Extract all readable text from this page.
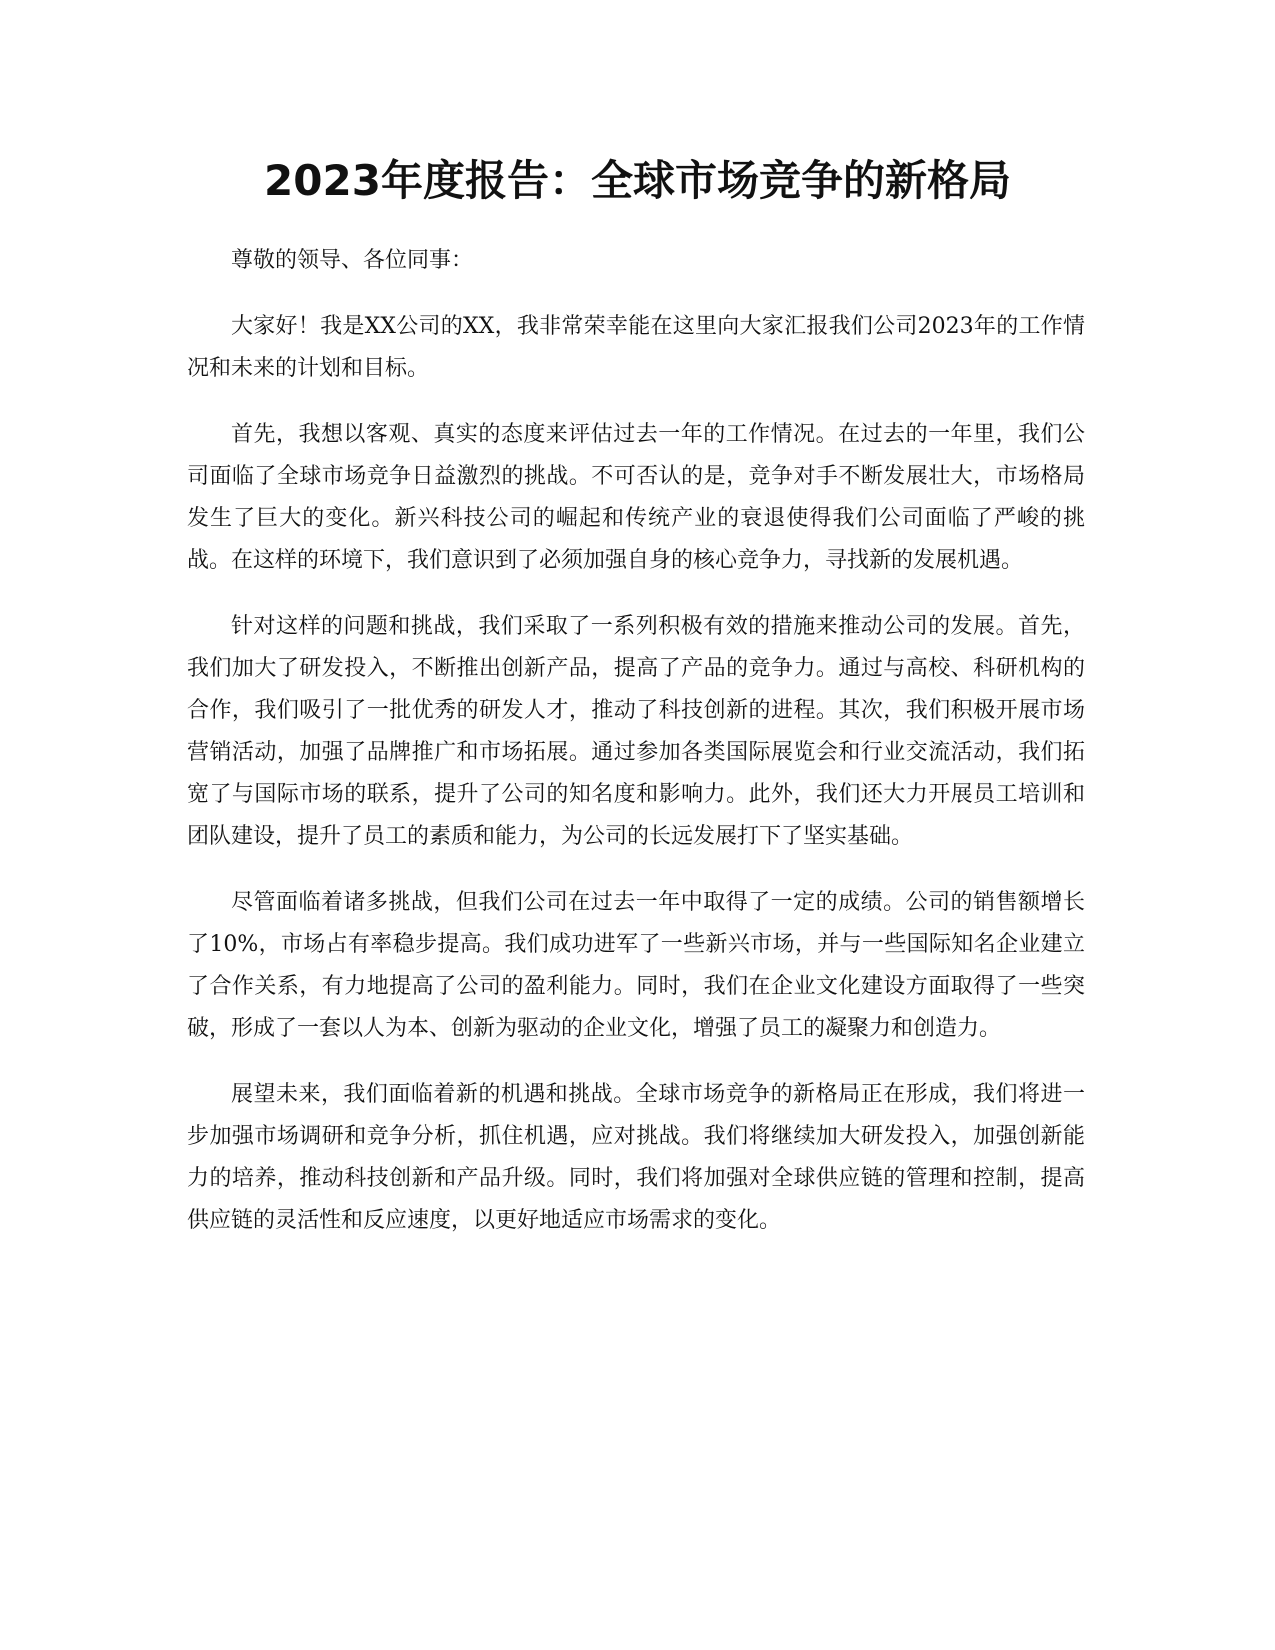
2023年度报告：全球市场竞争的新格局

尊敬的领导、各位同事：

大家好！我是XX公司的XX，我非常荣幸能在这里向大家汇报我们公司2023年的工作情况和未来的计划和目标。

首先，我想以客观、真实的态度来评估过去一年的工作情况。在过去的一年里，我们公司面临了全球市场竞争日益激烈的挑战。不可否认的是，竞争对手不断发展壮大，市场格局发生了巨大的变化。新兴科技公司的崛起和传统产业的衰退使得我们公司面临了严峻的挑战。在这样的环境下，我们意识到了必须加强自身的核心竞争力，寻找新的发展机遇。

针对这样的问题和挑战，我们采取了一系列积极有效的措施来推动公司的发展。首先，我们加大了研发投入，不断推出创新产品，提高了产品的竞争力。通过与高校、科研机构的合作，我们吸引了一批优秀的研发人才，推动了科技创新的进程。其次，我们积极开展市场营销活动，加强了品牌推广和市场拓展。通过参加各类国际展览会和行业交流活动，我们拓宽了与国际市场的联系，提升了公司的知名度和影响力。此外，我们还大力开展员工培训和团队建设，提升了员工的素质和能力，为公司的长远发展打下了坚实基础。

尽管面临着诸多挑战，但我们公司在过去一年中取得了一定的成绩。公司的销售额增长了10%，市场占有率稳步提高。我们成功进军了一些新兴市场，并与一些国际知名企业建立了合作关系，有力地提高了公司的盈利能力。同时，我们在企业文化建设方面取得了一些突破，形成了一套以人为本、创新为驱动的企业文化，增强了员工的凝聚力和创造力。

展望未来，我们面临着新的机遇和挑战。全球市场竞争的新格局正在形成，我们将进一步加强市场调研和竞争分析，抓住机遇，应对挑战。我们将继续加大研发投入，加强创新能力的培养，推动科技创新和产品升级。同时，我们将加强对全球供应链的管理和控制，提高供应链的灵活性和反应速度，以更好地适应市场需求的变化。
